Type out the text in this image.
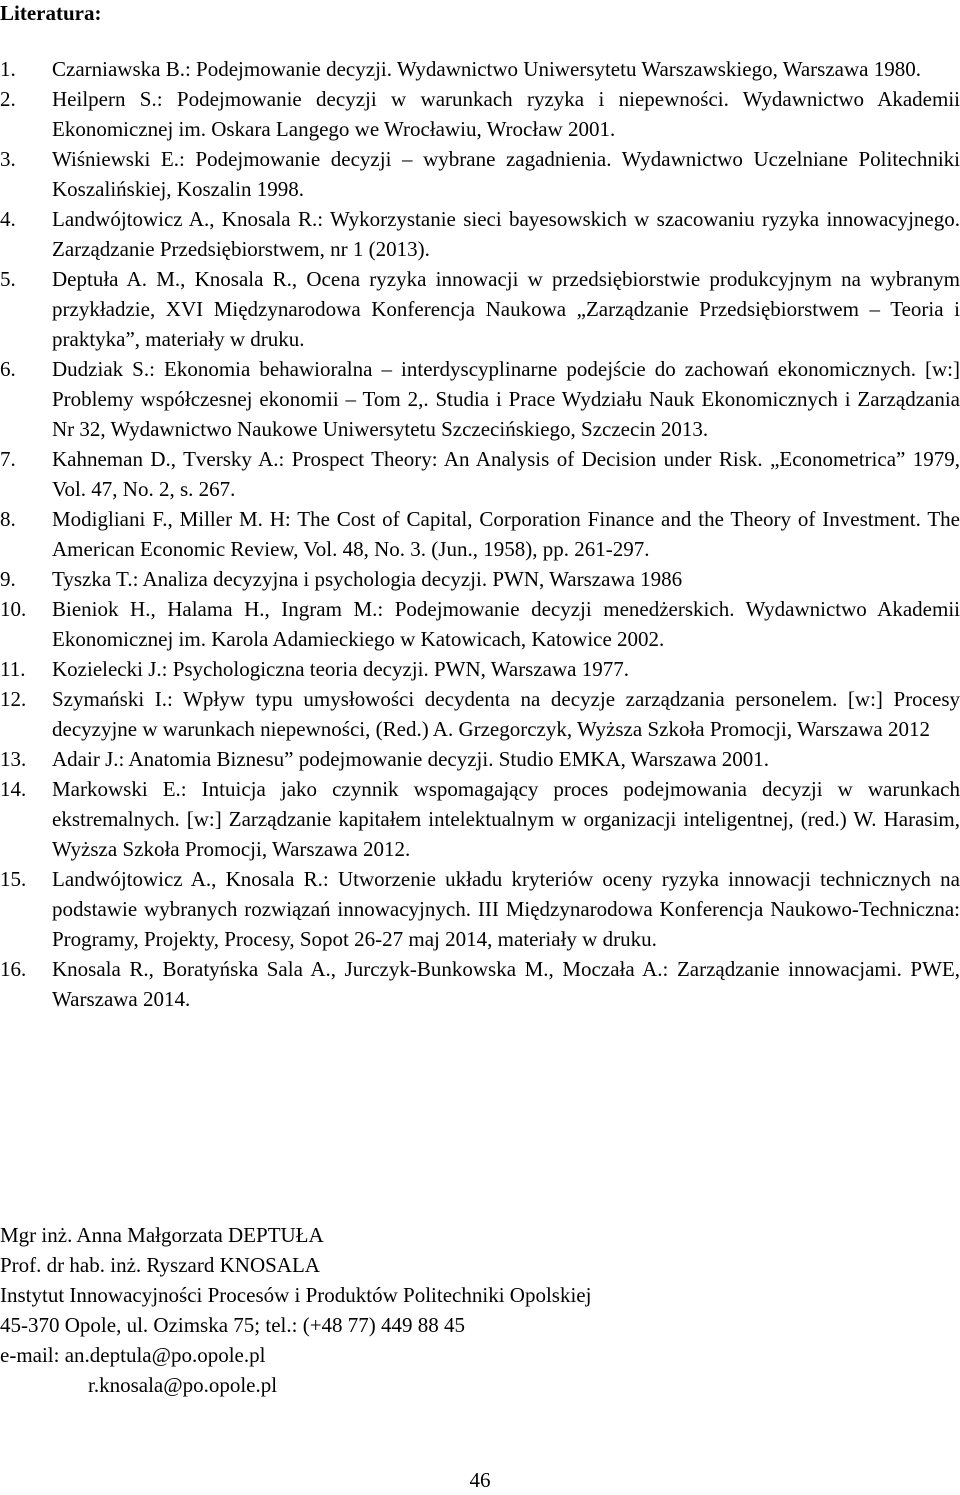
Literatura:
1. Czarniawska B.: Podejmowanie decyzji. Wydawnictwo Uniwersytetu Warszawskiego, Warszawa 1980.
2. Heilpern S.: Podejmowanie decyzji w warunkach ryzyka i niepewności. Wydawnictwo Akademii Ekonomicznej im. Oskara Langego we Wrocławiu, Wrocław 2001.
3. Wiśniewski E.: Podejmowanie decyzji – wybrane zagadnienia. Wydawnictwo Uczelniane Politechniki Koszalińskiej, Koszalin 1998.
4. Landwójtowicz A., Knosala R.: Wykorzystanie sieci bayesowskich w szacowaniu ryzyka innowacyjnego. Zarządzanie Przedsiębiorstwem, nr 1 (2013).
5. Deptuła A. M., Knosala R., Ocena ryzyka innowacji w przedsiębiorstwie produkcyjnym na wybranym przykładzie, XVI Międzynarodowa Konferencja Naukowa „Zarządzanie Przedsiębiorstwem – Teoria i praktyka”, materiały w druku.
6. Dudziak S.: Ekonomia behawioralna – interdyscyplinarne podejście do zachowań ekonomicznych. [w:] Problemy współczesnej ekonomii – Tom 2,. Studia i Prace Wydziału Nauk Ekonomicznych i Zarządzania Nr 32, Wydawnictwo Naukowe Uniwersytetu Szczecińskiego, Szczecin 2013.
7. Kahneman D., Tversky A.: Prospect Theory: An Analysis of Decision under Risk. „Econometrica” 1979, Vol. 47, No. 2, s. 267.
8. Modigliani F., Miller M. H: The Cost of Capital, Corporation Finance and the Theory of Investment. The American Economic Review, Vol. 48, No. 3. (Jun., 1958), pp. 261-297.
9. Tyszka T.: Analiza decyzyjna i psychologia decyzji. PWN, Warszawa 1986
10. Bieniok H., Halama H., Ingram M.: Podejmowanie decyzji menedżerskich. Wydawnictwo Akademii Ekonomicznej im. Karola Adamieckiego w Katowicach, Katowice 2002.
11. Kozielecki J.: Psychologiczna teoria decyzji. PWN, Warszawa 1977.
12. Szymański I.: Wpływ typu umysłowości decydenta na decyzje zarządzania personelem. [w:] Procesy decyzyjne w warunkach niepewności, (Red.) A. Grzegorczyk, Wyższa Szkoła Promocji, Warszawa 2012
13. Adair J.: Anatomia Biznesu” podejmowanie decyzji. Studio EMKA, Warszawa 2001.
14. Markowski E.: Intuicja jako czynnik wspomagający proces podejmowania decyzji w warunkach ekstremalnych. [w:] Zarządzanie kapitałem intelektualnym w organizacji inteligentnej, (red.) W. Harasim, Wyższa Szkoła Promocji, Warszawa 2012.
15. Landwójtowicz A., Knosala R.: Utworzenie układu kryteriów oceny ryzyka innowacji technicznych na podstawie wybranych rozwiązań innowacyjnych. III Międzynarodowa Konferencja Naukowo-Techniczna: Programy, Projekty, Procesy, Sopot 26-27 maj 2014, materiały w druku.
16. Knosala R., Boratyńska Sala A., Jurczyk-Bunkowska M., Moczała A.: Zarządzanie innowacjami. PWE, Warszawa 2014.
Mgr inż. Anna Małgorzata DEPTUŁA
Prof. dr hab. inż. Ryszard KNOSALA
Instytut Innowacyjności Procesów i Produktów Politechniki Opolskiej
45-370 Opole, ul. Ozimska 75; tel.: (+48 77) 449 88 45
e-mail: an.deptula@po.opole.pl
r.knosala@po.opole.pl
46
